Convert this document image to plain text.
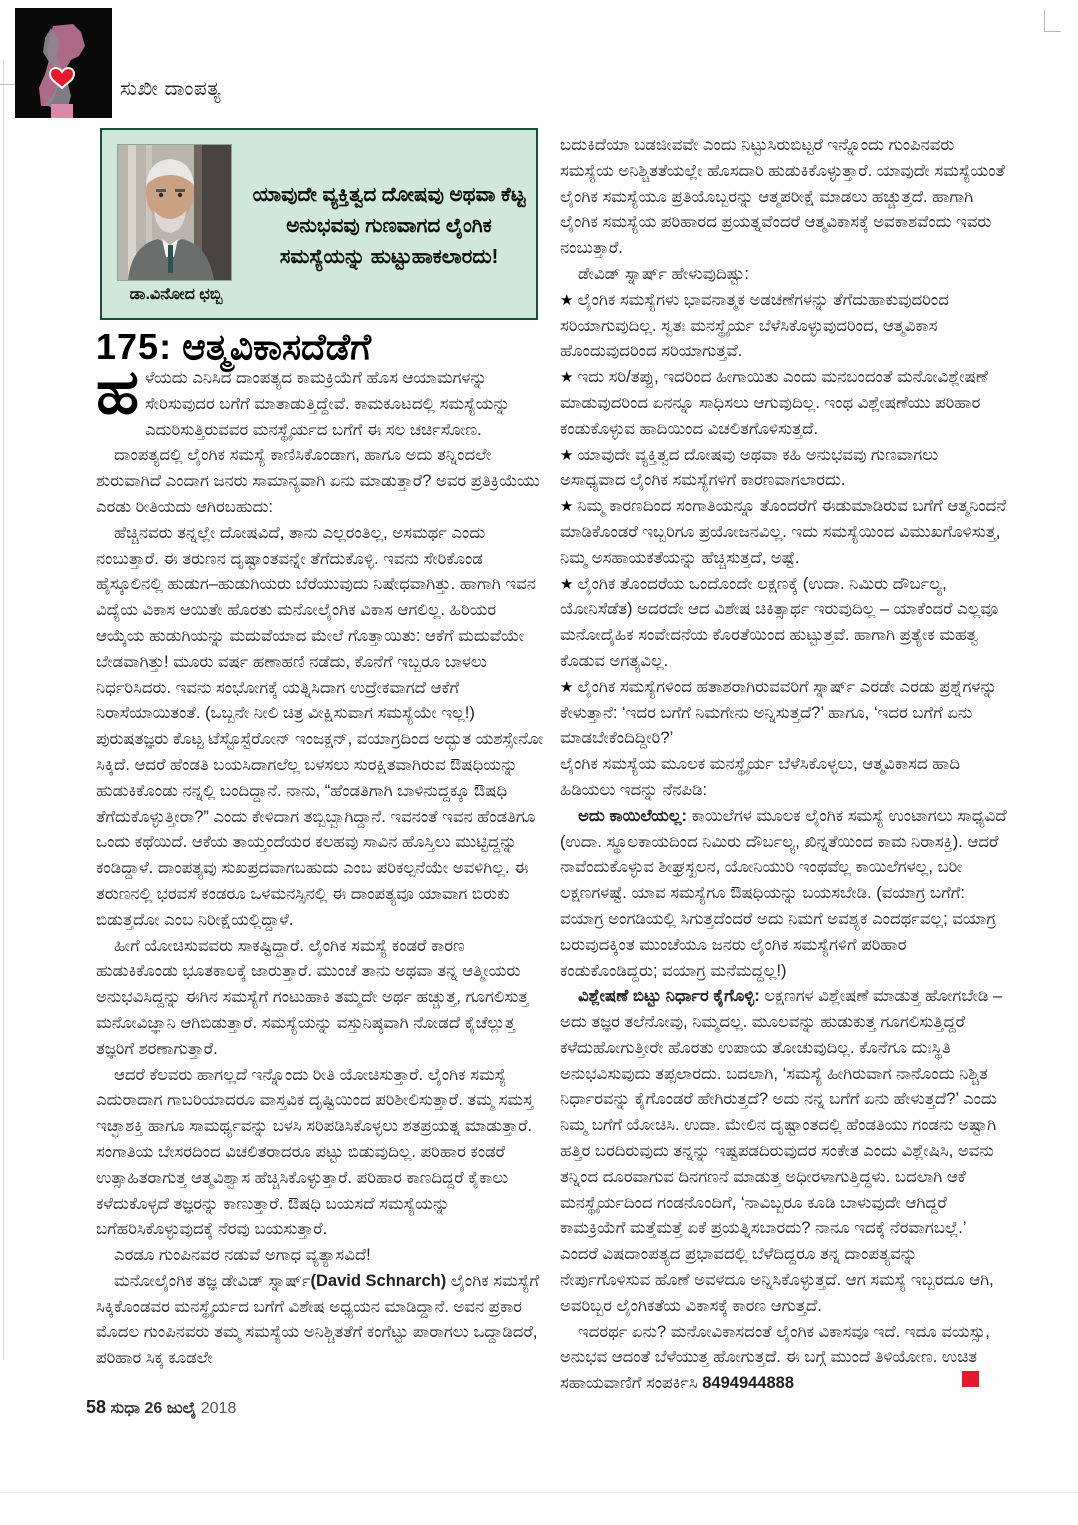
ಸುಖೀ ದಾಂಪತ್ಯ
ಡಾ.ವಿನೋದ ಛಬ್ಬಿ
ಯಾವುದೇ ವ್ಯಕ್ತಿತ್ವದ ದೋಷವು ಅಥವಾ ಕೆಟ್ಟ ಅನುಭವವು ಗುಣವಾಗದ ಲೈಂಗಿಕ ಸಮಸ್ಯೆಯನ್ನು ಹುಟ್ಟುಹಾಕಲಾರದು!
175: ಆತ್ಮವಿಕಾಸದೆಡೆಗೆ

ಹ ಳೆಯದು ಎನಿಸಿದ ದಾಂಪತ್ಯದ ಕಾಮಕ್ರಿಯೆಗೆ ಹೊಸ ಆಯಾಮಗಳನ್ನು ಸೇರಿಸುವುದರ ಬಗೆಗೆ ಮಾತಾಡುತ್ತಿದ್ದೇವೆ. ಕಾಮಕೂಟದಲ್ಲಿ ಸಮಸ್ಯೆಯನ್ನು ಎದುರಿಸುತ್ತಿರುವವರ ಮನಸ್ಥೈರ್ಯದ ಬಗೆಗೆ ಈ ಸಲ ಚರ್ಚಿಸೋಣ.

ದಾಂಪತ್ಯದಲ್ಲಿ ಲೈಂಗಿಕ ಸಮಸ್ಯೆ ಕಾಣಿಸಿಕೊಂಡಾಗ, ಹಾಗೂ ಅದು ತನ್ನಿಂದಲೇ ಶುರುವಾಗಿದೆ ಎಂದಾಗ ಜನರು ಸಾಮಾನ್ಯವಾಗಿ ಏನು ಮಾಡುತ್ತಾರೆ? ಅವರ ಪ್ರತಿಕ್ರಿಯೆಯು ಎರಡು ರೀತಿಯದು ಆಗಿರಬಹುದು:

ಹೆಚ್ಚಿನವರು ತನ್ನಲ್ಲೇ ದೋಷವಿದೆ, ತಾನು ಎಲ್ಲರಂತಿಲ್ಲ, ಅಸಮರ್ಥ ಎಂದು ನಂಬುತ್ತಾರೆ. ಈ ತರುಣನ ದೃಷ್ಟಾಂತವನ್ನೇ ತೆಗೆದುಕೊಳ್ಳಿ. ಇವನು ಸೇರಿಕೊಂಡ ಹೈಸ್ಕೂಲಿನಲ್ಲಿ ಹುಡುಗ–ಹುಡುಗಿಯರು ಬೆರೆಯುವುದು ನಿಷೇಧವಾಗಿತ್ತು. ಹಾಗಾಗಿ ಇವನ ವಿದ್ಯೆಯ ವಿಕಾಸ ಆಯಿತೇ ಹೊರತು ಮನೋಲೈಂಗಿಕ ವಿಕಾಸ ಆಗಲಿಲ್ಲ. ಹಿರಿಯರ ಆಯ್ಕೆಯ ಹುಡುಗಿಯನ್ನು ಮದುವೆಯಾದ ಮೇಲೆ ಗೊತ್ತಾಯಿತು: ಆಕೆಗೆ ಮದುವೆಯೇ ಬೇಡವಾಗಿತ್ತು! ಮೂರು ವರ್ಷ ಹಣಾಹಣಿ ನಡೆದು, ಕೊನೆಗೆ ಇಬ್ಬರೂ ಬಾಳಲು ನಿರ್ಧರಿಸಿದರು. ಇವನು ಸಂಭೋಗಕ್ಕೆ ಯತ್ನಿಸಿದಾಗ ಉದ್ರೇಕವಾಗದೆ ಆಕೆಗೆ ನಿರಾಸೆಯಾಯಿತಂತೆ. (ಒಬ್ಬನೇ ನೀಲಿ ಚಿತ್ರ ವೀಕ್ಷಿಸುವಾಗ ಸಮಸ್ಯೆಯೇ ಇಲ್ಲ!) ಪುರುಷತಜ್ಞರು ಕೊಟ್ಟ ಟೆಸ್ಟೊಸ್ಟೆರೋನ್ ಇಂಜಕ್ಷನ್, ವಯಾಗ್ರದಿಂದ ಅದ್ಭುತ ಯಶಸ್ಸೇನೋ ಸಿಕ್ಕಿದೆ. ಆದರೆ ಹೆಂಡತಿ ಬಯಸಿದಾಗಲೆಲ್ಲ ಬಳಸಲು ಸುರಕ್ಷಿತವಾಗಿರುವ ಔಷಧಿಯನ್ನು ಹುಡುಕಿಕೊಂಡು ನನ್ನಲ್ಲಿ ಬಂದಿದ್ದಾನೆ. ನಾನು, “ಹೆಂಡತಿಗಾಗಿ ಬಾಳಿನುದ್ದಕ್ಕೂ ಔಷಧಿ ತೆಗೆದುಕೊಳ್ಳುತ್ತೀರಾ?” ಎಂದು ಕೇಳಿದಾಗ ತಬ್ಬಿಬ್ಬಾಗಿದ್ದಾನೆ. ಇವನಂತೆ ಇವನ ಹೆಂಡತಿಗೂ ಒಂದು ಕಥೆಯಿದೆ. ಆಕೆಯ ತಾಯ್ತಂದೆಯರ ಕಲಹವು ಸಾವಿನ ಹೊಸ್ತಿಲು ಮುಟ್ಟಿದ್ದನ್ನು ಕಂಡಿದ್ದಾಳೆ. ದಾಂಪತ್ಯವು ಸುಖಪ್ರದವಾಗಬಹುದು ಎಂಬ ಪರಿಕಲ್ಪನೆಯೇ ಅವಳಿಗಿಲ್ಲ. ಈ ತರುಣನಲ್ಲಿ ಭರವಸೆ ಕಂಡರೂ ಒಳಮನಸ್ಸಿನಲ್ಲಿ ಈ ದಾಂಪತ್ಯವೂ ಯಾವಾಗ ಬಿರುಕು ಬಿಡುತ್ತದೋ ಎಂಬ ನಿರೀಕ್ಷೆಯಲ್ಲಿದ್ದಾಳೆ.

ಹೀಗೆ ಯೋಚಿಸುವವರು ಸಾಕಷ್ಟಿದ್ದಾರೆ. ಲೈಂಗಿಕ ಸಮಸ್ಯೆ ಕಂಡರೆ ಕಾರಣ ಹುಡುಕಿಕೊಂಡು ಭೂತಕಾಲಕ್ಕೆ ಜಾರುತ್ತಾರೆ. ಮುಂಚೆ ತಾನು ಅಥವಾ ತನ್ನ ಆತ್ಮೀಯರು ಅನುಭವಿಸಿದ್ದನ್ನು ಈಗಿನ ಸಮಸ್ಯೆಗೆ ಗಂಟುಹಾಕಿ ತಮ್ಮದೇ ಅರ್ಥ ಹಚ್ಚುತ್ತ, ಗೂಗಲಿಸುತ್ತ ಮನೋವಿಜ್ಞಾನಿ ಆಗಿಬಿಡುತ್ತಾರೆ. ಸಮಸ್ಯೆಯನ್ನು ವಸ್ತುನಿಷ್ಠವಾಗಿ ನೋಡದೆ ಕೈಚೆಲ್ಲುತ್ತ ತಜ್ಞರಿಗೆ ಶರಣಾಗುತ್ತಾರೆ.

ಆದರೆ ಕೆಲವರು ಹಾಗಲ್ಲದೆ ಇನ್ನೊಂದು ರೀತಿ ಯೋಚಿಸುತ್ತಾರೆ. ಲೈಂಗಿಕ ಸಮಸ್ಯೆ ಎದುರಾದಾಗ ಗಾಬರಿಯಾದರೂ ವಾಸ್ತವಿಕ ದೃಷ್ಟಿಯಿಂದ ಪರಿಶೀಲಿಸುತ್ತಾರೆ. ತಮ್ಮ ಸಮಸ್ತ ಇಚ್ಛಾಶಕ್ತಿ ಹಾಗೂ ಸಾಮರ್ಥ್ಯವನ್ನು ಬಳಸಿ ಸರಿಪಡಿಸಿಕೊಳ್ಳಲು ಶತಪ್ರಯತ್ನ ಮಾಡುತ್ತಾರೆ. ಸಂಗಾತಿಯ ಬೇಸರದಿಂದ ವಿಚಲಿತರಾದರೂ ಪಟ್ಟು ಬಿಡುವುದಿಲ್ಲ. ಪರಿಹಾರ ಕಂಡರೆ ಉತ್ಸಾಹಿತರಾಗುತ್ತ ಆತ್ಮವಿಶ್ವಾಸ ಹೆಚ್ಚಿಸಿಕೊಳ್ಳುತ್ತಾರೆ. ಪರಿಹಾರ ಕಾಣದಿದ್ದರೆ ಕೈಕಾಲು ಕಳೆದುಕೊಳ್ಳದೆ ತಜ್ಞರನ್ನು ಕಾಣುತ್ತಾರೆ. ಔಷಧಿ ಬಯಸದೆ ಸಮಸ್ಯೆಯನ್ನು ಬಗೆಹರಿಸಿಕೊಳ್ಳುವುದಕ್ಕೆ ನೆರವು ಬಯಸುತ್ತಾರೆ.

ಎರಡೂ ಗುಂಪಿನವರ ನಡುವೆ ಅಗಾಧ ವ್ಯತ್ಯಾಸವಿದೆ!

ಮನೋಲೈಂಗಿಕ ತಜ್ಞ ಡೇವಿಡ್ ಸ್ನಾರ್ಷ್(David Schnarch) ಲೈಂಗಿಕ ಸಮಸ್ಯೆಗೆ ಸಿಕ್ಕಿಕೊಂಡವರ ಮನಸ್ಥೈರ್ಯದ ಬಗೆಗೆ ವಿಶೇಷ ಅಧ್ಯಯನ ಮಾಡಿದ್ದಾನೆ. ಅವನ ಪ್ರಕಾರ ಮೊದಲ ಗುಂಪಿನವರು ತಮ್ಮ ಸಮಸ್ಯೆಯ ಅನಿಶ್ಚಿತತೆಗೆ ಕಂಗೆಟ್ಟು ಪಾರಾಗಲು ಒದ್ದಾಡಿದರೆ, ಪರಿಹಾರ ಸಿಕ್ಕ ಕೂಡಲೇ

ಬದುಕಿದೆಯಾ ಬಡಜೀವವೇ ಎಂದು ನಿಟ್ಟುಸಿರುಬಿಟ್ಟರೆ ಇನ್ನೊಂದು ಗುಂಪಿನವರು ಸಮಸ್ಯೆಯ ಅನಿಶ್ಚಿತತೆಯಲ್ಲೇ ಹೊಸದಾರಿ ಹುಡುಕಿಕೊಳ್ಳುತ್ತಾರೆ. ಯಾವುದೇ ಸಮಸ್ಯೆಯಂತೆ ಲೈಂಗಿಕ ಸಮಸ್ಯೆಯೂ ಪ್ರತಿಯೊಬ್ಬರನ್ನು ಆತ್ಮಪರೀಕ್ಷೆ ಮಾಡಲು ಹಚ್ಚುತ್ತದೆ. ಹಾಗಾಗಿ ಲೈಂಗಿಕ ಸಮಸ್ಯೆಯ ಪರಿಹಾರದ ಪ್ರಯತ್ನವೆಂದರೆ ಆತ್ಮವಿಕಾಸಕ್ಕೆ ಅವಕಾಶವೆಂದು ಇವರು ನಂಬುತ್ತಾರೆ.

ಡೇವಿಡ್ ಸ್ನಾರ್ಷ್ ಹೇಳುವುದಿಷ್ಟು:

★ ಲೈಂಗಿಕ ಸಮಸ್ಯೆಗಳು ಭಾವನಾತ್ಮಕ ಅಡಚಣೆಗಳನ್ನು ತೆಗೆದುಹಾಕುವುದರಿಂದ ಸರಿಯಾಗುವುದಿಲ್ಲ. ಸ್ವತಃ ಮನಸ್ಥೈರ್ಯ ಬೆಳೆಸಿಕೊಳ್ಳುವುದರಿಂದ, ಆತ್ಮವಿಕಾಸ ಹೊಂದುವುದರಿಂದ ಸರಿಯಾಗುತ್ತವೆ.

★ ಇದು ಸರಿ/ತಪ್ಪು, ಇದರಿಂದ ಹೀಗಾಯಿತು ಎಂದು ಮನಬಂದಂತೆ ಮನೋವಿಶ್ಲೇಷಣೆ ಮಾಡುವುದರಿಂದ ಏನನ್ನೂ ಸಾಧಿಸಲು ಆಗುವುದಿಲ್ಲ. ಇಂಥ ವಿಶ್ಲೇಷಣೆಯು ಪರಿಹಾರ ಕಂಡುಕೊಳ್ಳುವ ಹಾದಿಯಿಂದ ವಿಚಲಿತಗೊಳಿಸುತ್ತದೆ.

★ ಯಾವುದೇ ವ್ಯಕ್ತಿತ್ವದ ದೋಷವು ಅಥವಾ ಕಹಿ ಅನುಭವವು ಗುಣವಾಗಲು ಅಸಾಧ್ಯವಾದ ಲೈಂಗಿಕ ಸಮಸ್ಯೆಗಳಿಗೆ ಕಾರಣವಾಗಲಾರದು.

★ ನಿಮ್ಮ ಕಾರಣದಿಂದ ಸಂಗಾತಿಯನ್ನೂ ತೊಂದರೆಗೆ ಈಡುಮಾಡಿರುವ ಬಗೆಗೆ ಆತ್ಮನಿಂದನೆ ಮಾಡಿಕೊಂಡರೆ ಇಬ್ಬರಿಗೂ ಪ್ರಯೋಜನವಿಲ್ಲ. ಇದು ಸಮಸ್ಯೆಯಿಂದ ವಿಮುಖಗೊಳಿಸುತ್ತ, ನಿಮ್ಮ ಅಸಹಾಯಕತೆಯನ್ನು ಹೆಚ್ಚಿಸುತ್ತದೆ, ಅಷ್ಟೆ.

★ ಲೈಂಗಿಕ ತೊಂದರೆಯ ಒಂದೊಂದೇ ಲಕ್ಷಣಕ್ಕೆ (ಉದಾ. ನಿಮಿರು ದೌರ್ಬಲ್ಯ, ಯೋನಿಸೆಡೆತ) ಅದರದೇ ಆದ ವಿಶೇಷ ಚಿಕಿತ್ಸಾರ್ಥ ಇರುವುದಿಲ್ಲ – ಯಾಕೆಂದರೆ ಎಲ್ಲವೂ ಮನೋದೈಹಿಕ ಸಂವೇದನೆಯ ಕೊರತೆಯಿಂದ ಹುಟ್ಟುತ್ತವೆ. ಹಾಗಾಗಿ ಪ್ರತ್ಯೇಕ ಮಹತ್ವ ಕೊಡುವ ಅಗತ್ಯವಿಲ್ಲ.

★ ಲೈಂಗಿಕ ಸಮಸ್ಯೆಗಳಿಂದ ಹತಾಶರಾಗಿರುವವರಿಗೆ ಸ್ನಾರ್ಷ್ ಎರಡೇ ಎರಡು ಪ್ರಶ್ನೆಗಳನ್ನು ಕೇಳುತ್ತಾನೆ: ‘ಇದರ ಬಗೆಗೆ ನಿಮಗೇನು ಅನ್ನಿಸುತ್ತದೆ?’ ಹಾಗೂ, ‘ಇದರ ಬಗೆಗೆ ಏನು ಮಾಡಬೇಕೆಂದಿದ್ದೀರಿ?’

ಲೈಂಗಿಕ ಸಮಸ್ಯೆಯ ಮೂಲಕ ಮನಸ್ಥೈರ್ಯ ಬೆಳೆಸಿಕೊಳ್ಳಲು, ಆತ್ಮವಿಕಾಸದ ಹಾದಿ ಹಿಡಿಯಲು ಇದನ್ನು ನೆನಪಿಡಿ:

ಅದು ಕಾಯಿಲೆಯಲ್ಲ: ಕಾಯಿಲೆಗಳ ಮೂಲಕ ಲೈಂಗಿಕ ಸಮಸ್ಯೆ ಉಂಟಾಗಲು ಸಾಧ್ಯವಿದೆ (ಉದಾ. ಸ್ಥೂಲಕಾಯದಿಂದ ನಿಮಿರು ದೌರ್ಬಲ್ಯ, ಖಿನ್ನತೆಯಿಂದ ಕಾಮ ನಿರಾಸಕ್ತಿ). ಆದರೆ ನಾವೆಂದುಕೊಳ್ಳುವ ಶೀಘ್ರಸ್ಖಲನ, ಯೋನಿಯುರಿ ಇಂಥವೆಲ್ಲ ಕಾಯಿಲೆಗಳಲ್ಲ, ಬರೀ ಲಕ್ಷಣಗಳಷ್ಟೆ. ಯಾವ ಸಮಸ್ಯೆಗೂ ಔಷಧಿಯನ್ನು ಬಯಸಬೇಡಿ. (ವಯಾಗ್ರ ಬಗೆಗೆ: ವಯಾಗ್ರ ಅಂಗಡಿಯಲ್ಲಿ ಸಿಗುತ್ತದೆಂದರೆ ಅದು ನಿಮಗೆ ಅವಶ್ಯಕ ಎಂದರ್ಥವಲ್ಲ; ವಯಾಗ್ರ ಬರುವುದಕ್ಕಿಂತ ಮುಂಚೆಯೂ ಜನರು ಲೈಂಗಿಕ ಸಮಸ್ಯೆಗಳಿಗೆ ಪರಿಹಾರ ಕಂಡುಕೊಂಡಿದ್ದರು; ವಯಾಗ್ರ ಮನೆಮದ್ದಲ್ಲ!)

ವಿಶ್ಲೇಷಣೆ ಬಿಟ್ಟು ನಿರ್ಧಾರ ಕೈಗೊಳ್ಳಿ: ಲಕ್ಷಣಗಳ ವಿಶ್ಲೇಷಣೆ ಮಾಡುತ್ತ ಹೋಗಬೇಡಿ – ಅದು ತಜ್ಞರ ತಲೆನೋವು, ನಿಮ್ಮದಲ್ಲ. ಮೂಲವನ್ನು ಹುಡುಕುತ್ತ ಗೂಗಲಿಸುತ್ತಿದ್ದರೆ ಕಳೆದುಹೋಗುತ್ತೀರೇ ಹೊರತು ಉಪಾಯ ತೋಚುವುದಿಲ್ಲ. ಕೊನೆಗೂ ದುಃಸ್ಥಿತಿ ಅನುಭವಿಸುವುದು ತಪ್ಪಲಾರದು. ಬದಲಾಗಿ, ‘ಸಮಸ್ಯೆ ಹೀಗಿರುವಾಗ ನಾನೊಂದು ನಿಶ್ಚಿತ ನಿರ್ಧಾರವನ್ನು ಕೈಗೊಂಡರೆ ಹೇಗಿರುತ್ತದೆ? ಅದು ನನ್ನ ಬಗೆಗೆ ಏನು ಹೇಳುತ್ತದೆ?’ ಎಂದು ನಿಮ್ಮ ಬಗೆಗೆ ಯೋಚಿಸಿ. ಉದಾ. ಮೇಲಿನ ದೃಷ್ಟಾಂತದಲ್ಲಿ ಹೆಂಡತಿಯು ಗಂಡನು ಅಷ್ಟಾಗಿ ಹತ್ತಿರ ಬರದಿರುವುದು ತನ್ನನ್ನು ಇಷ್ಟಪಡದಿರುವುದರ ಸಂಕೇತ ಎಂದು ವಿಶ್ಲೇಷಿಸಿ, ಅವನು ತನ್ನಿಂದ ದೂರವಾಗುವ ದಿನಗಣನೆ ಮಾಡುತ್ತ ಅಧೀರಳಾಗುತ್ತಿದ್ದಳು. ಬದಲಾಗಿ ಆಕೆ ಮನಸ್ಥೈರ್ಯದಿಂದ ಗಂಡನೊಂದಿಗೆ, ‘ನಾವಿಬ್ಬರೂ ಕೂಡಿ ಬಾಳುವುದೇ ಆಗಿದ್ದರೆ ಕಾಮಕ್ರಿಯೆಗೆ ಮತ್ತೆಮತ್ತೆ ಏಕೆ ಪ್ರಯತ್ನಿಸಬಾರದು? ನಾನೂ ಇದಕ್ಕೆ ನೆರವಾಗಬಲ್ಲೆ.’ ಎಂದರೆ ವಿಷದಾಂಪತ್ಯದ ಪ್ರಭಾವದಲ್ಲಿ ಬೆಳೆದಿದ್ದರೂ ತನ್ನ ದಾಂಪತ್ಯವನ್ನು ನೇರ್ಪುಗೊಳಿಸುವ ಹೊಣೆ ಅವಳದೂ ಅನ್ನಿಸಿಕೊಳ್ಳುತ್ತದೆ. ಆಗ ಸಮಸ್ಯೆ ಇಬ್ಬರದೂ ಆಗಿ, ಅವರಿಬ್ಬರ ಲೈಂಗಿಕತೆಯ ವಿಕಾಸಕ್ಕೆ ಕಾರಣ ಆಗುತ್ತದೆ.

ಇದರರ್ಥ ಏನು? ಮನೋವಿಕಾಸದಂತೆ ಲೈಂಗಿಕ ವಿಕಾಸವೂ ಇದೆ. ಇದೂ ವಯಸ್ಸು, ಅನುಭವ ಆದಂತೆ ಬೆಳೆಯುತ್ತ ಹೋಗುತ್ತದೆ. ಈ ಬಗ್ಗೆ ಮುಂದೆ ತಿಳಿಯೋಣ. ಉಚಿತ ಸಹಾಯವಾಣಿಗೆ ಸಂಪರ್ಕಿಸಿ 8494944888

58 ಸುಧಾ 26 ಜುಲೈ 2018
